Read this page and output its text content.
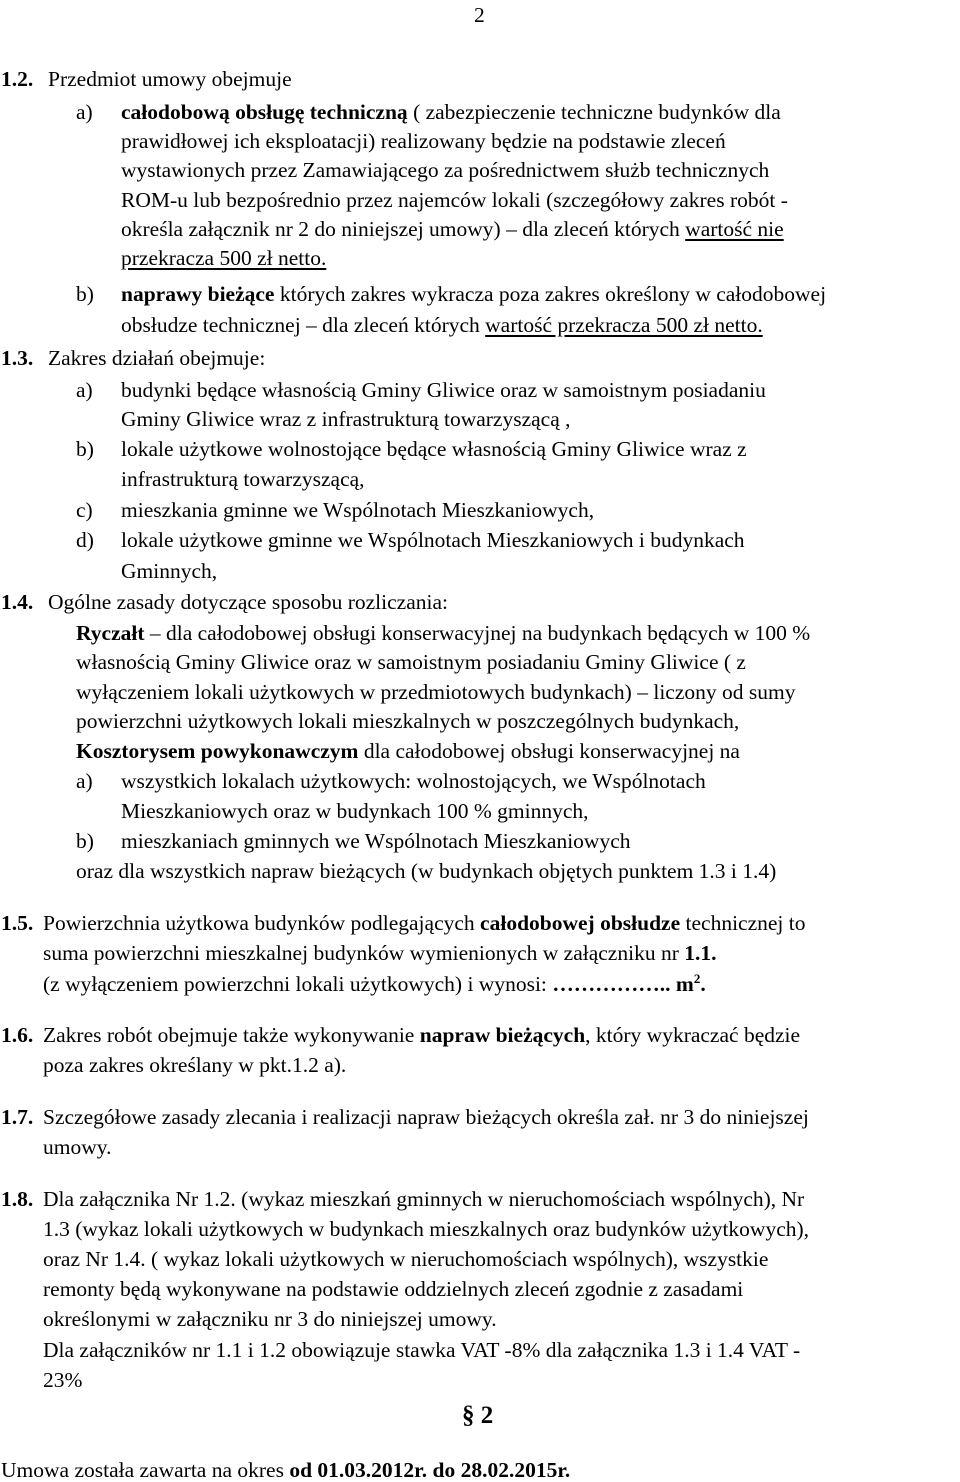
2
1.2. Przedmiot umowy obejmuje
a) całodobową obsługę techniczną ( zabezpieczenie techniczne budynków dla
prawidłowej ich eksploatacji) realizowany będzie na podstawie zleceń
wystawionych przez Zamawiającego za pośrednictwem służb technicznych
ROM-u lub bezpośrednio przez najemców lokali (szczegółowy zakres robót -
określa załącznik nr 2 do niniejszej umowy) – dla zleceń których wartość nie
przekracza 500 zł netto.
b) naprawy bieżące których zakres wykracza poza zakres określony w całodobowej
obsłudze technicznej – dla zleceń których wartość przekracza 500 zł netto.
1.3. Zakres działań obejmuje:
a) budynki będące własnością Gminy Gliwice oraz w samoistnym posiadaniu
Gminy Gliwice wraz z infrastrukturą towarzyszącą ,
b) lokale użytkowe wolnostojące będące własnością Gminy Gliwice wraz z
infrastrukturą towarzyszącą,
c) mieszkania gminne we Wspólnotach Mieszkaniowych,
d) lokale użytkowe gminne we Wspólnotach Mieszkaniowych i budynkach
Gminnych,
1.4. Ogólne zasady dotyczące sposobu rozliczania:
Ryczałt – dla całodobowej obsługi konserwacyjnej na budynkach będących w 100 %
własnością Gminy Gliwice oraz w samoistnym posiadaniu Gminy Gliwice ( z
wyłączeniem lokali użytkowych w przedmiotowych budynkach) – liczony od sumy
powierzchni użytkowych lokali mieszkalnych w poszczególnych budynkach,
Kosztorysem powykonawczym dla całodobowej obsługi konserwacyjnej na
a) wszystkich lokalach użytkowych: wolnostojących, we Wspólnotach
Mieszkaniowych oraz w budynkach 100 % gminnych,
b) mieszkaniach gminnych we Wspólnotach Mieszkaniowych
oraz dla wszystkich napraw bieżących (w budynkach objętych punktem 1.3 i 1.4)
1.5. Powierzchnia użytkowa budynków podlegających całodobowej obsłudze technicznej to
suma powierzchni mieszkalnej budynków wymienionych w załączniku nr 1.1.
(z wyłączeniem powierzchni lokali użytkowych) i wynosi: …………….. $m^2$.
1.6. Zakres robót obejmuje także wykonywanie napraw bieżących, który wykraczać będzie
poza zakres określany w pkt.1.2 a).
1.7. Szczegółowe zasady zlecania i realizacji napraw bieżących określa zał. nr 3 do niniejszej
umowy.
1.8. Dla załącznika Nr 1.2. (wykaz mieszkań gminnych w nieruchomościach wspólnych), Nr
1.3 (wykaz lokali użytkowych w budynkach mieszkalnych oraz budynków użytkowych),
oraz Nr 1.4. ( wykaz lokali użytkowych w nieruchomościach wspólnych), wszystkie
remonty będą wykonywane na podstawie oddzielnych zleceń zgodnie z zasadami
określonymi w załączniku nr 3 do niniejszej umowy.
Dla załączników nr 1.1 i 1.2 obowiązuje stawka VAT -8% dla załącznika 1.3 i 1.4 VAT -
23%
§ 2
Umowa została zawarta na okres od 01.03.2012r. do 28.02.2015r.
